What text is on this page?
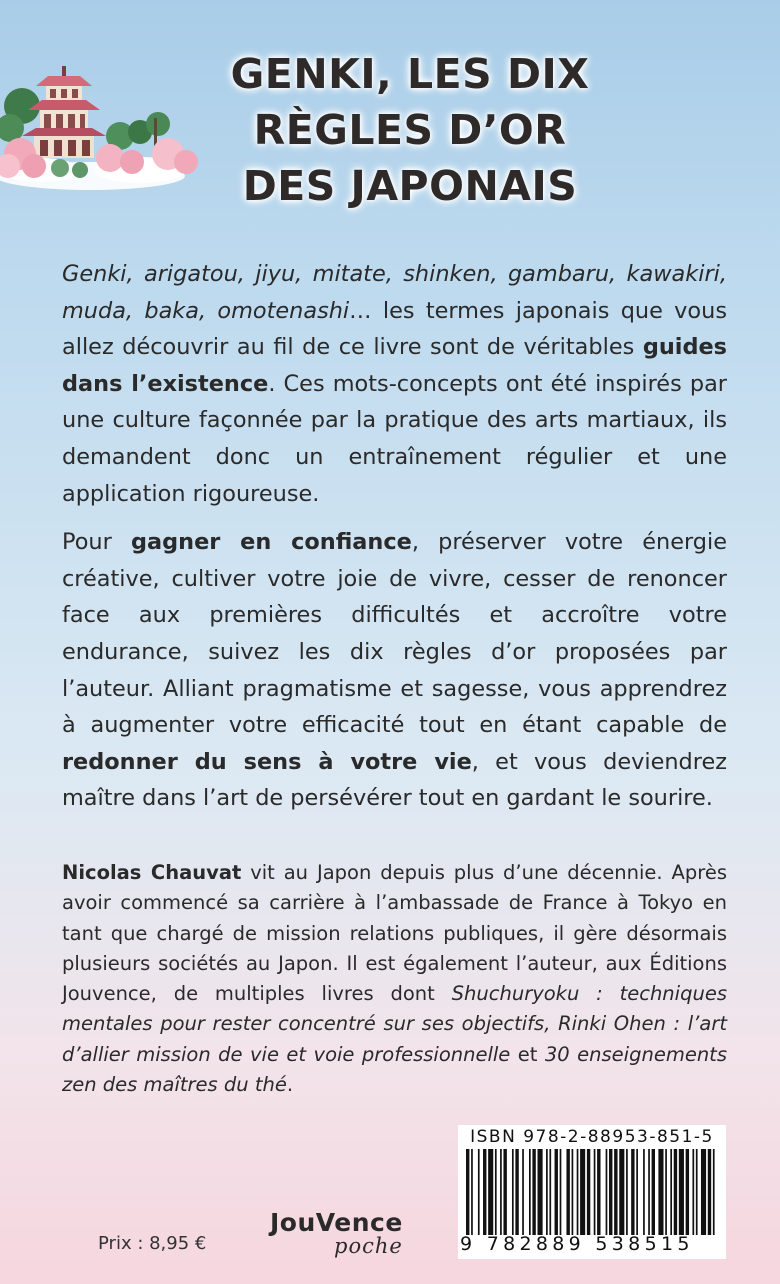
GENKI, LES DIX
RÈGLES D’OR
DES JAPONAIS

Genki, arigatou, jiyu, mitate, shinken, gambaru, kawakiri, muda, baka, omotenashi… les termes japonais que vous allez découvrir au fil de ce livre sont de véritables guides dans l’existence. Ces mots-concepts ont été inspirés par une culture façonnée par la pratique des arts martiaux, ils demandent donc un entraînement régulier et une application rigoureuse.

Pour gagner en confiance, préserver votre énergie créative, cultiver votre joie de vivre, cesser de renoncer face aux premières difficultés et accroître votre endurance, suivez les dix règles d’or proposées par l’auteur. Alliant pragmatisme et sagesse, vous apprendrez à augmenter votre efficacité tout en étant capable de redonner du sens à votre vie, et vous deviendrez maître dans l’art de persévérer tout en gardant le sourire.

Nicolas Chauvat vit au Japon depuis plus d’une décennie. Après avoir commencé sa carrière à l’ambassade de France à Tokyo en tant que chargé de mission relations publiques, il gère désormais plusieurs sociétés au Japon. Il est également l’auteur, aux Éditions Jouvence, de multiples livres dont Shuchuryoku : techniques mentales pour rester concentré sur ses objectifs, Rinki Ohen : l’art d’allier mission de vie et voie professionnelle et 30 enseignements zen des maîtres du thé.

ISBN 978-2-88953-851-5
9 782889 538515
Prix : 8,95 €
JouVence
poche
